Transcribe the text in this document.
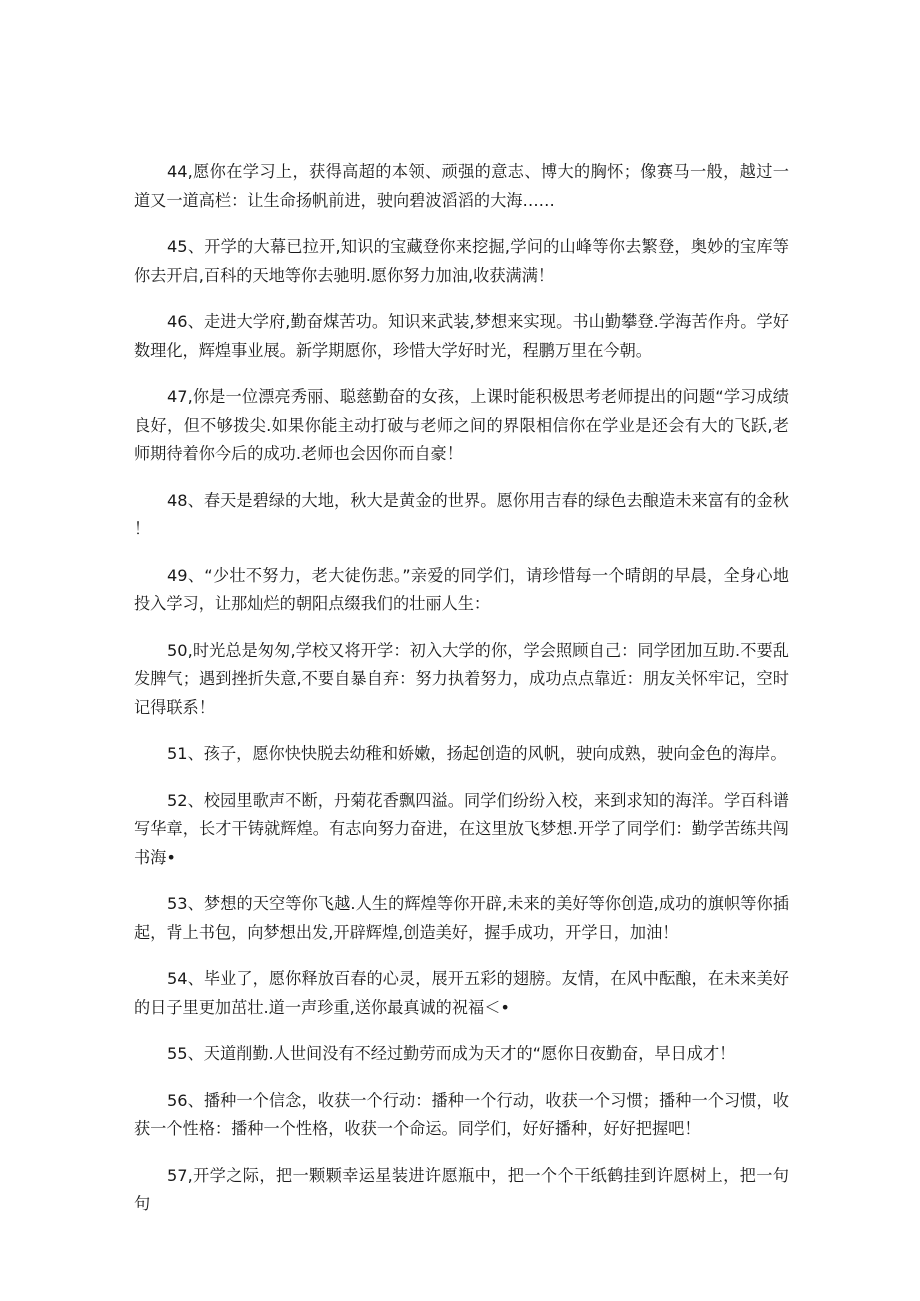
44,愿你在学习上，获得高超的本领、顽强的意志、博大的胸怀；像赛马一般，越过一道又一道高栏：让生命扬帆前进，驶向碧波滔滔的大海……

45、开学的大幕已拉开,知识的宝藏登你来挖掘,学问的山峰等你去繁登，奥妙的宝库等你去开启,百科的天地等你去驰明.愿你努力加油,收获满满！

46、走进大学府,勤奋煤苦功。知识来武装,梦想来实现。书山勤攀登.学海苦作舟。学好数理化，辉煌事业展。新学期愿你，珍惜大学好时光，程鹏万里在今朝。

47,你是一位漂亮秀丽、聪慈勤奋的女孩，上课时能积极思考老师提出的问题“学习成绩良好，但不够拨尖.如果你能主动打破与老师之间的界限相信你在学业是还会有大的飞跃,老师期待着你今后的成功.老师也会因你而自豪！

48、春天是碧绿的大地，秋大是黄金的世界。愿你用吉春的绿色去酿造未来富有的金秋！

49、“少壮不努力，老大徒伤悲。”亲爱的同学们，请珍惜每一个晴朗的早晨，全身心地投入学习，让那灿烂的朝阳点缀我们的壮丽人生：

50,时光总是匆匆,学校又将开学：初入大学的你，学会照顾自己：同学团加互助.不要乱发脾气；遇到挫折失意,不要自暴自弃：努力执着努力，成功点点靠近：朋友关怀牢记，空时记得联系！

51、孩子，愿你快快脱去幼稚和娇嫩，扬起创造的风帆，驶向成熟，驶向金色的海岸。

52、校园里歌声不断，丹菊花香飘四溢。同学们纷纷入校，来到求知的海洋。学百科谱写华章，长才干铸就辉煌。有志向努力奋进，在这里放飞梦想.开学了同学们：勤学苦练共闯书海•

53、梦想的天空等你飞越.人生的辉煌等你开辟,未来的美好等你创造,成功的旗帜等你插起，背上书包，向梦想出发,开辟辉煌,创造美好，握手成功，开学日，加油！

54、毕业了，愿你释放百春的心灵，展开五彩的翅膀。友情，在风中酝酿，在未来美好的日子里更加茁壮.道一声珍重,送你最真诚的祝福＜•

55、天道削勤.人世间没有不经过勤劳而成为天才的“愿你日夜勤奋，早日成才！

56、播种一个信念，收获一个行动：播种一个行动，收获一个习惯；播种一个习惯，收获一个性格：播种一个性格，收获一个命运。同学们，好好播种，好好把握吧！

57,开学之际，把一颗颗幸运星装进许愿瓶中，把一个个干纸鹤挂到许愿树上，把一句句
